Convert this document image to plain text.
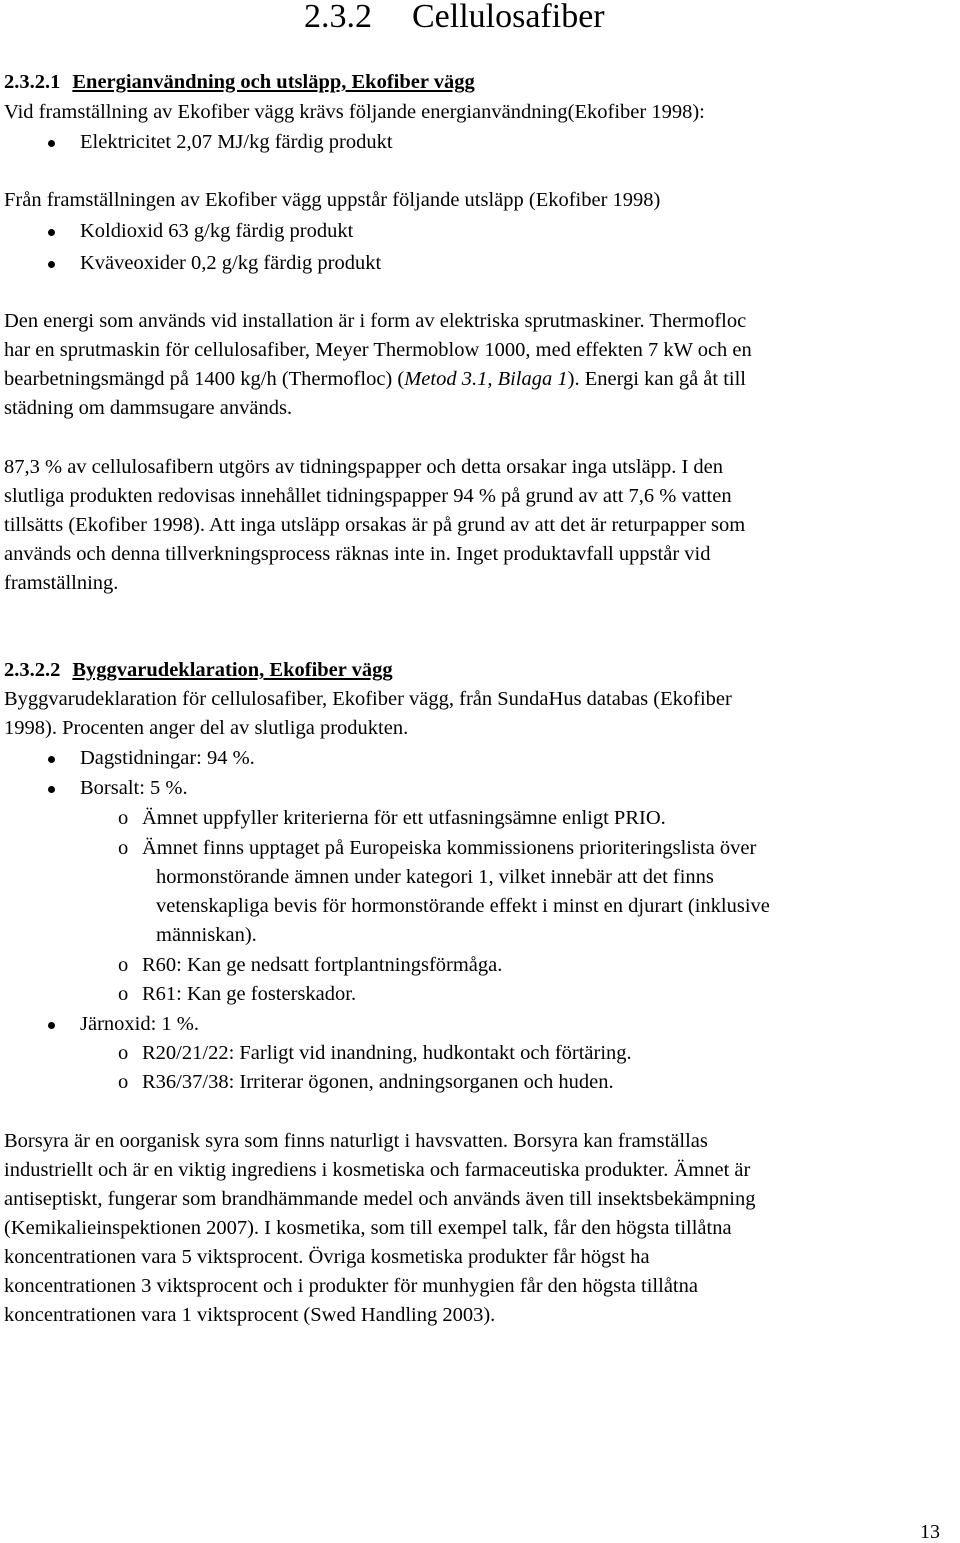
2.3.2 Cellulosafiber
2.3.2.1 Energianvändning och utsläpp, Ekofiber vägg
Vid framställning av Ekofiber vägg krävs följande energianvändning(Ekofiber 1998):
Elektricitet 2,07 MJ/kg färdig produkt
Från framställningen av Ekofiber vägg uppstår följande utsläpp (Ekofiber 1998)
Koldioxid 63 g/kg färdig produkt
Kväveoxider 0,2 g/kg färdig produkt
Den energi som används vid installation är i form av elektriska sprutmaskiner. Thermofloc
har en sprutmaskin för cellulosafiber, Meyer Thermoblow 1000, med effekten 7 kW och en
bearbetningsmängd på 1400 kg/h (Thermofloc) (Metod 3.1, Bilaga 1). Energi kan gå åt till
städning om dammsugare används.
87,3 % av cellulosafibern utgörs av tidningspapper och detta orsakar inga utsläpp. I den
slutliga produkten redovisas innehållet tidningspapper 94 % på grund av att 7,6 % vatten
tillsätts (Ekofiber 1998). Att inga utsläpp orsakas är på grund av att det är returpapper som
används och denna tillverkningsprocess räknas inte in. Inget produktavfall uppstår vid
framställning.
2.3.2.2 Byggvarudeklaration, Ekofiber vägg
Byggvarudeklaration för cellulosafiber, Ekofiber vägg, från SundaHus databas (Ekofiber
1998). Procenten anger del av slutliga produkten.
Dagstidningar: 94 %.
Borsalt: 5 %.
o Ämnet uppfyller kriterierna för ett utfasningsämne enligt PRIO.
o Ämnet finns upptaget på Europeiska kommissionens prioriteringslista över
hormonstörande ämnen under kategori 1, vilket innebär att det finns
vetenskapliga bevis för hormonstörande effekt i minst en djurart (inklusive
människan).
o R60: Kan ge nedsatt fortplantningsförmåga.
o R61: Kan ge fosterskador.
Järnoxid: 1 %.
o R20/21/22: Farligt vid inandning, hudkontakt och förtäring.
o R36/37/38: Irriterar ögonen, andningsorganen och huden.
Borsyra är en oorganisk syra som finns naturligt i havsvatten. Borsyra kan framställas
industriellt och är en viktig ingrediens i kosmetiska och farmaceutiska produkter. Ämnet är
antiseptiskt, fungerar som brandhämmande medel och används även till insektsbekämpning
(Kemikalieinspektionen 2007). I kosmetika, som till exempel talk, får den högsta tillåtna
koncentrationen vara 5 viktsprocent. Övriga kosmetiska produkter får högst ha
koncentrationen 3 viktsprocent och i produkter för munhygien får den högsta tillåtna
koncentrationen vara 1 viktsprocent (Swed Handling 2003).
13
